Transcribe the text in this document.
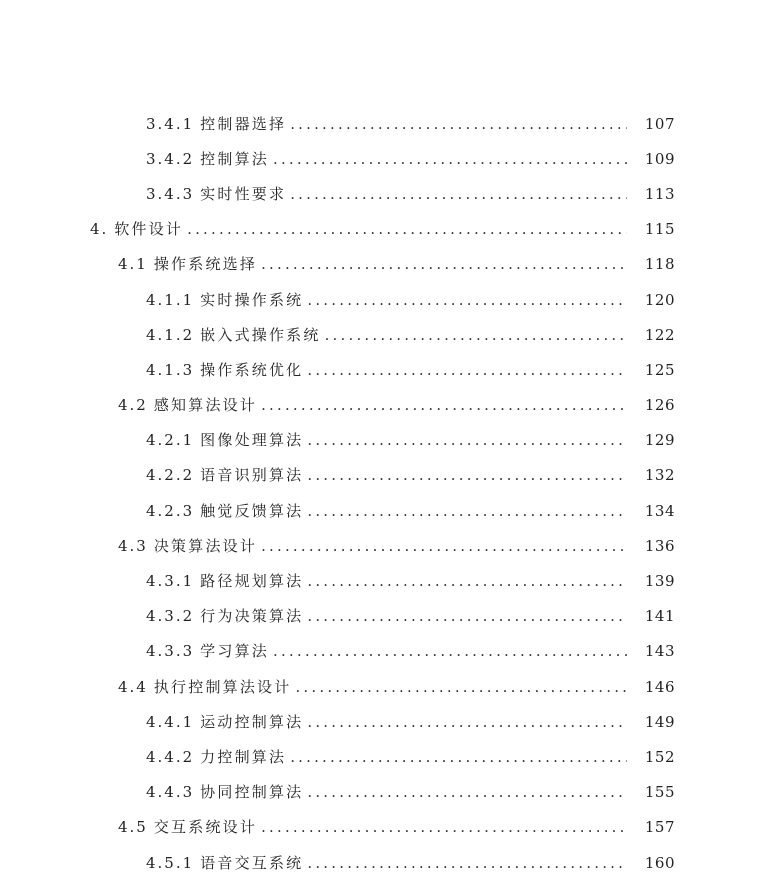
3.4.1 控制器选择 .....	107
3.4.2 控制算法 .....	109
3.4.3 实时性要求 .....	113
4. 软件设计 .....	115
4.1 操作系统选择 .....	118
4.1.1 实时操作系统 .....	120
4.1.2 嵌入式操作系统 .....	122
4.1.3 操作系统优化 .....	125
4.2 感知算法设计 .....	126
4.2.1 图像处理算法 .....	129
4.2.2 语音识别算法 .....	132
4.2.3 触觉反馈算法 .....	134
4.3 决策算法设计 .....	136
4.3.1 路径规划算法 .....	139
4.3.2 行为决策算法 .....	141
4.3.3 学习算法 .....	143
4.4 执行控制算法设计 .....	146
4.4.1 运动控制算法 .....	149
4.4.2 力控制算法 .....	152
4.4.3 协同控制算法 .....	155
4.5 交互系统设计 .....	157
4.5.1 语音交互系统 .....	160
